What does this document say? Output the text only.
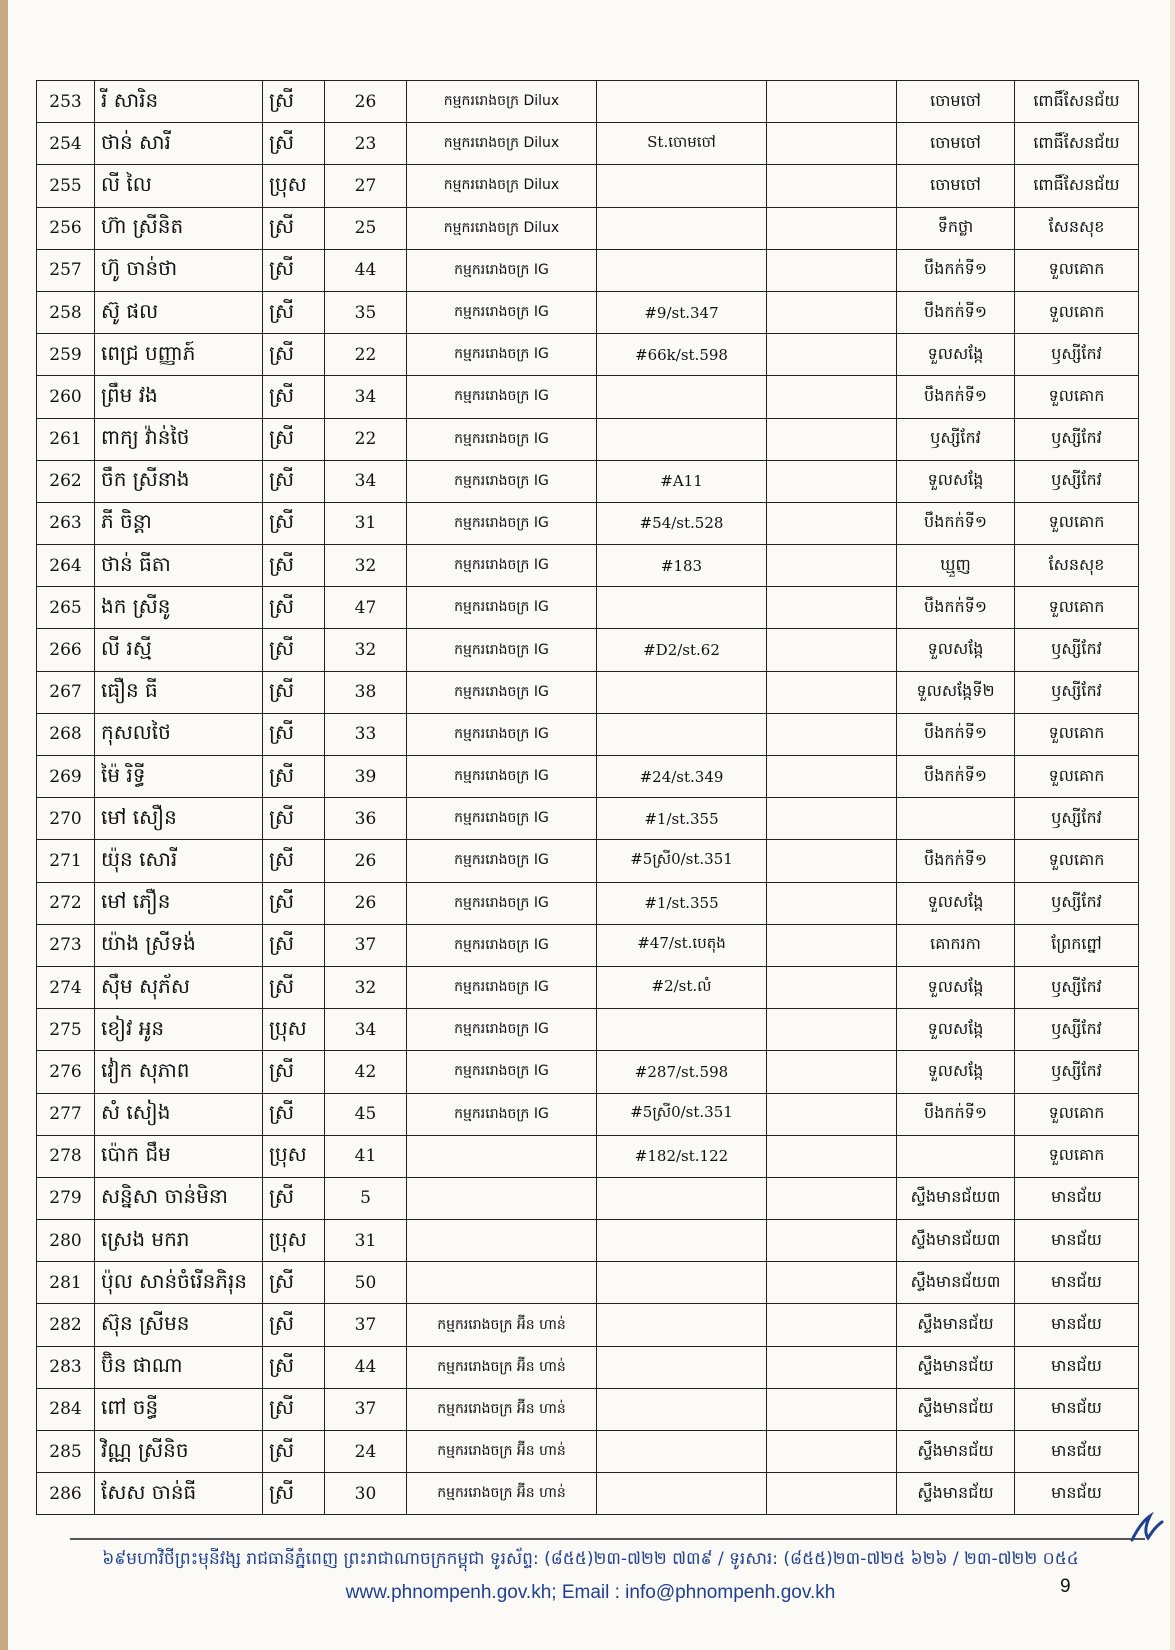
253	រី សារិន	ស្រី	26	កម្មកររោងចក្រ Dilux			ចោមចៅ	ពោធិ៍សែនជ័យ
254	ថាន់ សារី	ស្រី	23	កម្មកររោងចក្រ Dilux	St.ចោមចៅ		ចោមចៅ	ពោធិ៍សែនជ័យ
255	លី លៃ	ប្រុស	27	កម្មកររោងចក្រ Dilux			ចោមចៅ	ពោធិ៍សែនជ័យ
256	ហ៊ា ស្រីនិត	ស្រី	25	កម្មកររោងចក្រ Dilux			ទឹកថ្លា	សែនសុខ
257	ហ៊ូ ចាន់ថា	ស្រី	44	កម្មកររោងចក្រ IG			បឹងកក់ទី១	ទួលគោក
258	ស៊ូ ផល	ស្រី	35	កម្មកររោងចក្រ IG	#9/st.347		បឹងកក់ទី១	ទួលគោក
259	ពេជ្រ បញ្ញាភ៍	ស្រី	22	កម្មកររោងចក្រ IG	#66k/st.598		ទួលសង្កែ	ឫស្សីកែវ
260	ព្រឹម វង	ស្រី	34	កម្មកររោងចក្រ IG			បឹងកក់ទី១	ទួលគោក
261	ពាក្យ វ៉ាន់ថៃ	ស្រី	22	កម្មកររោងចក្រ IG			ឫស្សីកែវ	ឫស្សីកែវ
262	ចឹក ស្រីនាង	ស្រី	34	កម្មកររោងចក្រ IG	#A11		ទួលសង្កែ	ឫស្សីកែវ
263	ភី ចិន្តា	ស្រី	31	កម្មកររោងចក្រ IG	#54/st.528		បឹងកក់ទី១	ទួលគោក
264	ថាន់ ធីតា	ស្រី	32	កម្មកររោងចក្រ IG	#183		ឃ្មួញ	សែនសុខ
265	ងក ស្រីនូ	ស្រី	47	កម្មកររោងចក្រ IG			បឹងកក់ទី១	ទួលគោក
266	លី រស្មី	ស្រី	32	កម្មកររោងចក្រ IG	#D2/st.62		ទួលសង្កែ	ឫស្សីកែវ
267	ធឿន ធី	ស្រី	38	កម្មកររោងចក្រ IG			ទួលសង្កែទី២	ឫស្សីកែវ
268	កុសលថៃ	ស្រី	33	កម្មកររោងចក្រ IG			បឹងកក់ទី១	ទួលគោក
269	ម៉ៃ រិទ្ធី	ស្រី	39	កម្មកររោងចក្រ IG	#24/st.349		បឹងកក់ទី១	ទួលគោក
270	មៅ សឿន	ស្រី	36	កម្មកររោងចក្រ IG	#1/st.355			ឫស្សីកែវ
271	យ៉ុន សោរី	ស្រី	26	កម្មកររោងចក្រ IG	#5ស្រី0/st.351		បឹងកក់ទី១	ទួលគោក
272	មៅ ភឿន	ស្រី	26	កម្មកររោងចក្រ IG	#1/st.355		ទួលសង្កែ	ឫស្សីកែវ
273	យ៉ាង ស្រីទង់	ស្រី	37	កម្មកររោងចក្រ IG	#47/st.បេតុង		គោករកា	ព្រែកព្នៅ
274	ស៊ឹម សុភ័ស	ស្រី	32	កម្មកររោងចក្រ IG	#2/st.លំ		ទួលសង្កែ	ឫស្សីកែវ
275	ខៀវ អូន	ប្រុស	34	កម្មកររោងចក្រ IG			ទួលសង្កែ	ឫស្សីកែវ
276	វៀក សុភាព	ស្រី	42	កម្មកររោងចក្រ IG	#287/st.598		ទួលសង្កែ	ឫស្សីកែវ
277	សំ សៀង	ស្រី	45	កម្មកររោងចក្រ IG	#5ស្រី0/st.351		បឹងកក់ទី១	ទួលគោក
278	ប៉ោក ជឹម	ប្រុស	41		#182/st.122			ទួលគោក
279	សន្និសា ចាន់មិនា	ស្រី	5				ស្ទឹងមានជ័យ៣	មានជ័យ
280	ស្រេង មករា	ប្រុស	31				ស្ទឹងមានជ័យ៣	មានជ័យ
281	ប៉ុល សាន់ចំរើនភិរុន	ស្រី	50				ស្ទឹងមានជ័យ៣	មានជ័យ
282	ស៊ុន ស្រីមន	ស្រី	37	កម្មកររោងចក្រ អ៊ីន ហាន់			ស្ទឹងមានជ័យ	មានជ័យ
283	ប៊ិន ផាណា	ស្រី	44	កម្មកររោងចក្រ អ៊ីន ហាន់			ស្ទឹងមានជ័យ	មានជ័យ
284	ពៅ ចន្ធី	ស្រី	37	កម្មកររោងចក្រ អ៊ីន ហាន់			ស្ទឹងមានជ័យ	មានជ័យ
285	វិណ្ណ ស្រីនិច	ស្រី	24	កម្មកររោងចក្រ អ៊ីន ហាន់			ស្ទឹងមានជ័យ	មានជ័យ
286	សែស ចាន់ធី	ស្រី	30	កម្មកររោងចក្រ អ៊ីន ហាន់			ស្ទឹងមានជ័យ	មានជ័យ
៦៩មហាវិថីព្រះមុនីវង្ស រាជធានីភ្នំពេញ ព្រះរាជាណាចក្រកម្ពុជា ទូរស័ព្ទ: (៨៥៥)២៣-៧២២ ៧៣៩ / ទូរសារ: (៨៥៥)២៣-៧២៥ ៦២៦ / ២៣-៧២២ ០៥៤
www.phnompenh.gov.kh; Email : info@phnompenh.gov.kh	9
